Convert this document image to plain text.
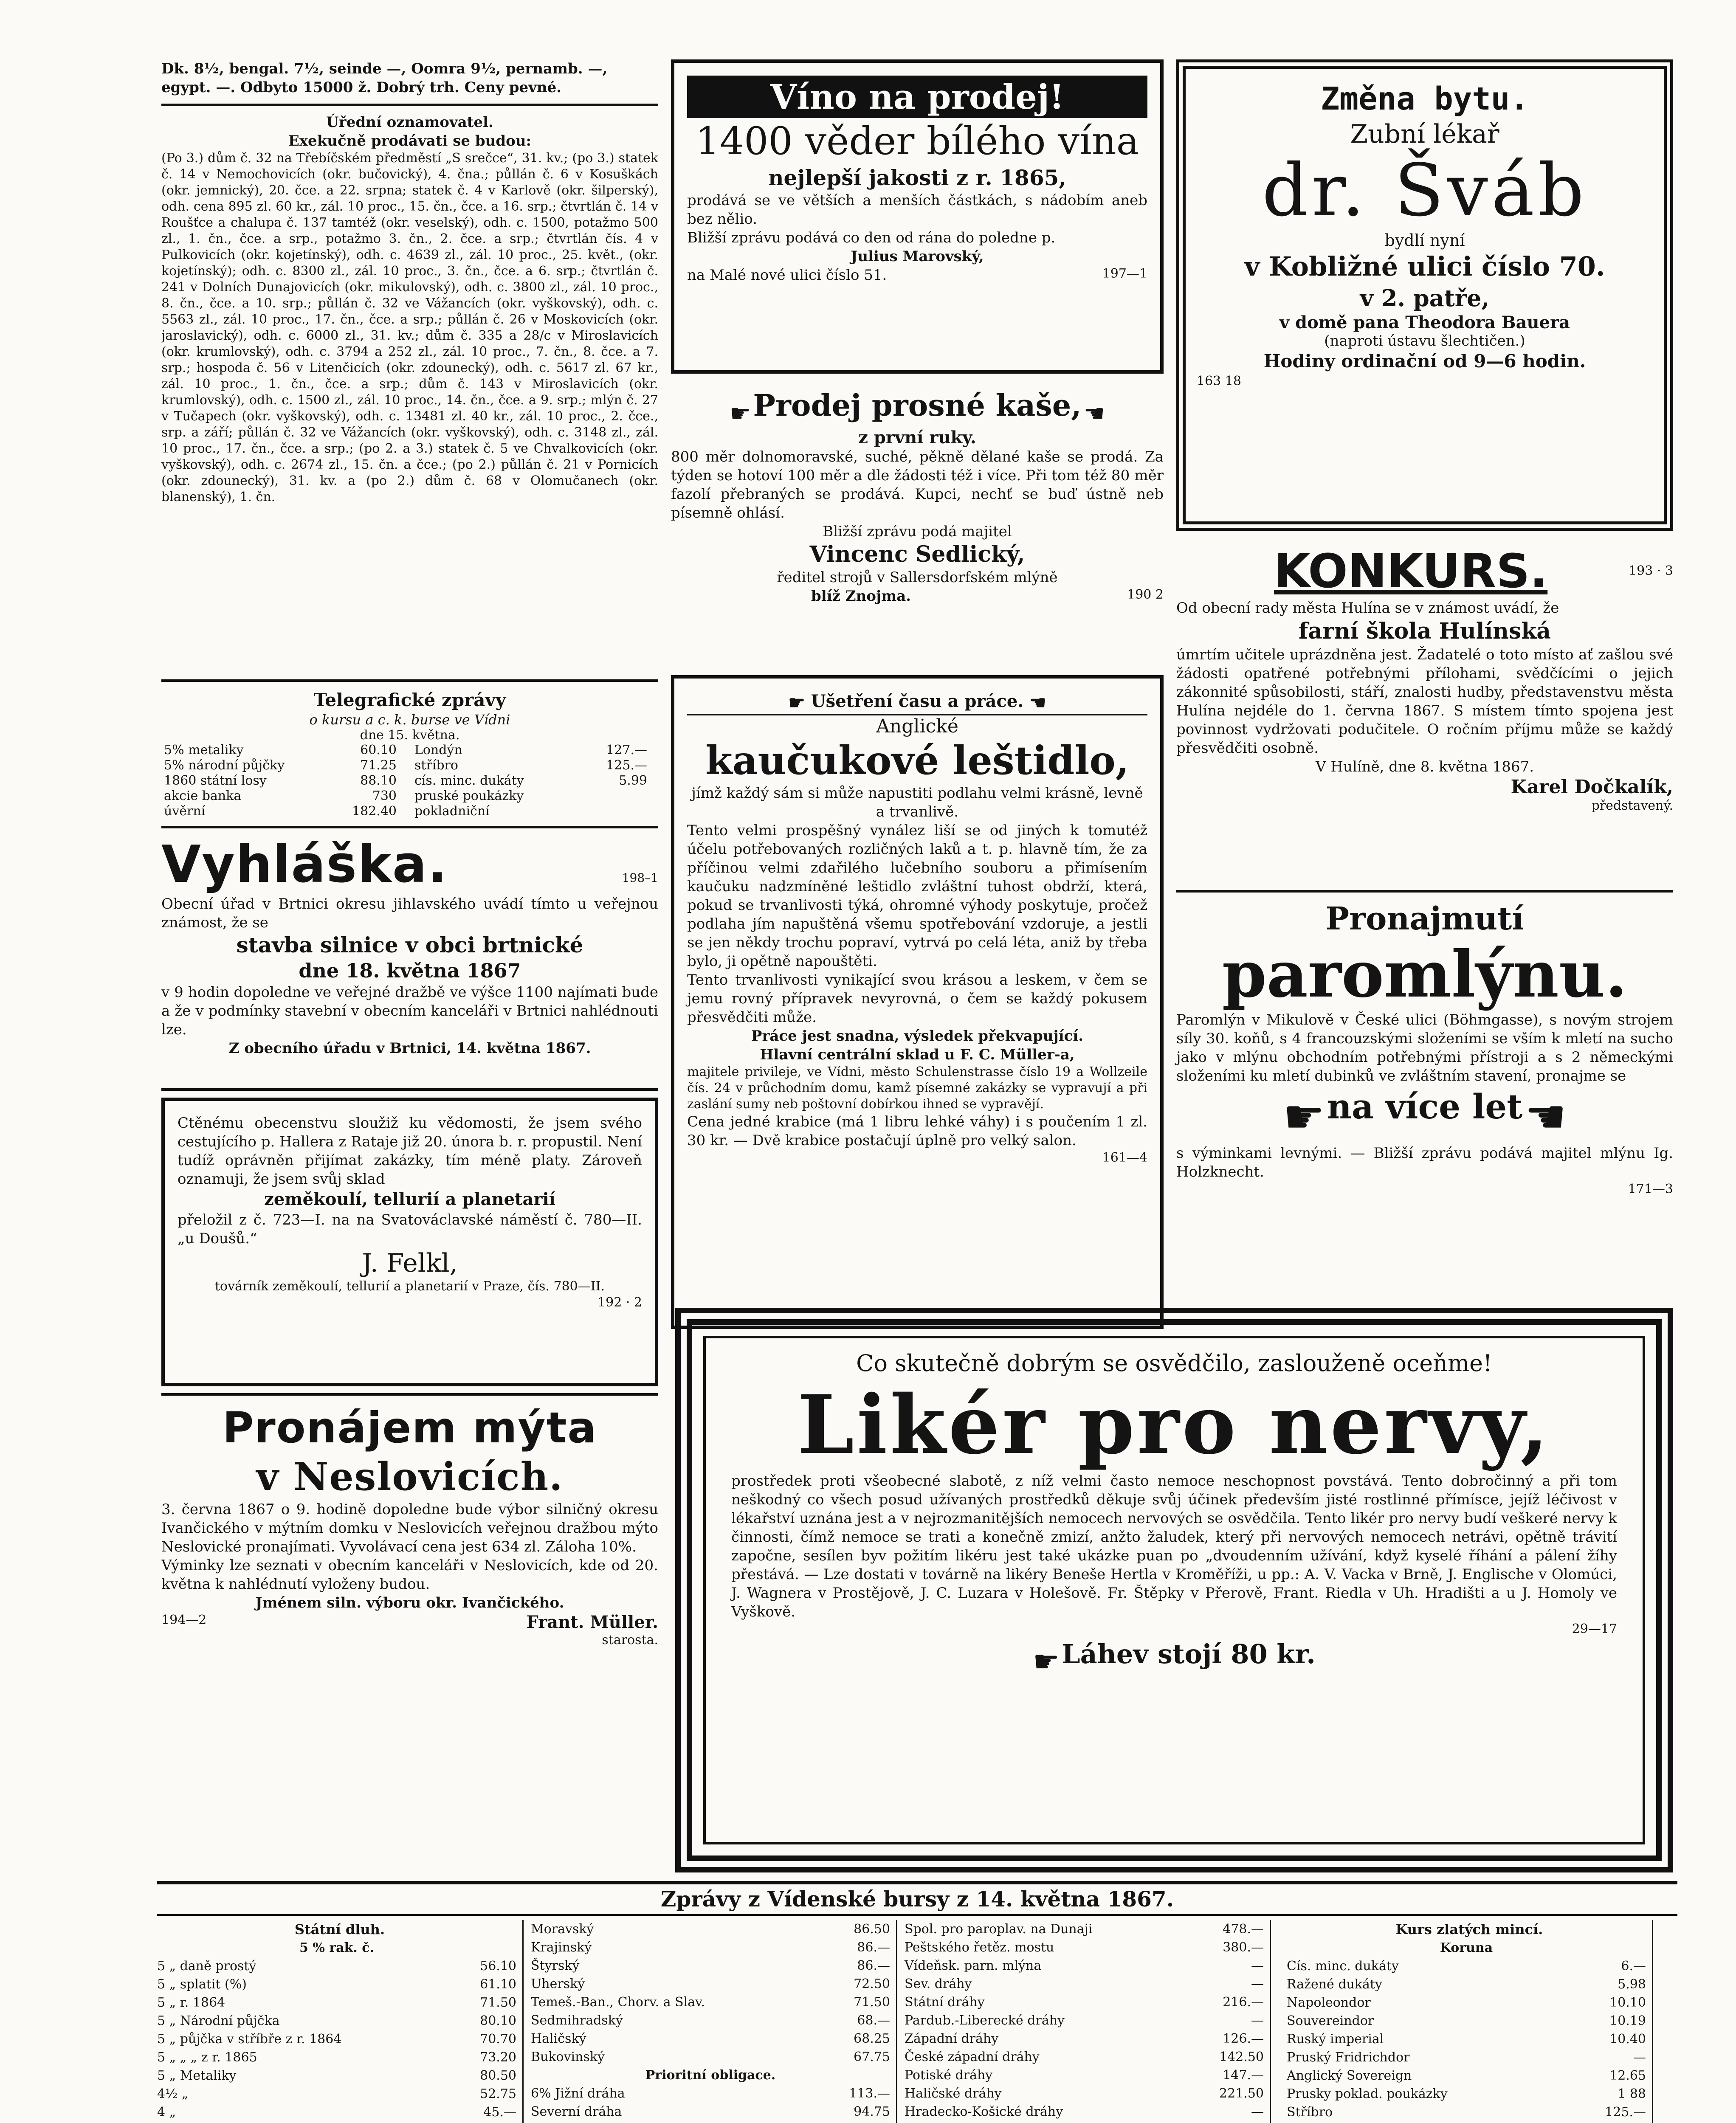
Dk. 8½, bengal. 7½, seinde —, Oomra 9½, pernamb. —,
egypt. —. Odbyto 15000 ž. Dobrý trh. Ceny pevné.
Úřední oznamovatel.
Exekučně prodávati se budou:
(Po 3.) dům č. 32 na Třebíčském předměstí „S srečce“, 31. kv.; (po 3.) statek č. 14 v Nemochovicích (okr. bučovický), 4. čna.; půllán č. 6 v Kosuškách (okr. jemnický), 20. čce. a 22. srpna; statek č. 4 v Karlově (okr. šilperský), odh. cena 895 zl. 60 kr., zál. 10 proc., 15. čn., čce. a 16. srp.; čtvrtlán č. 14 v Roušťce a chalupa č. 137 tamtéž (okr. veselský), odh. c. 1500, potažmo 500 zl., 1. čn., čce. a srp., potažmo 3. čn., 2. čce. a srp.; čtvrtlán čís. 4 v Pulkovicích (okr. kojetínský), odh. c. 4639 zl., zál. 10 proc., 25. květ., (okr. kojetínský); odh. c. 8300 zl., zál. 10 proc., 3. čn., čce. a 6. srp.; čtvrtlán č. 241 v Dolních Dunajovicích (okr. mikulovský), odh. c. 3800 zl., zál. 10 proc., 8. čn., čce. a 10. srp.; půllán č. 32 ve Vážancích (okr. vyškovský), odh. c. 5563 zl., zál. 10 proc., 17. čn., čce. a srp.; půllán č. 26 v Moskovicích (okr. jaroslavický), odh. c. 6000 zl., 31. kv.; dům č. 335 a 28/c v Miroslavicích (okr. krumlovský), odh. c. 3794 a 252 zl., zál. 10 proc., 7. čn., 8. čce. a 7. srp.; hospoda č. 56 v Litenčicích (okr. zdounecký), odh. c. 5617 zl. 67 kr., zál. 10 proc., 1. čn., čce. a srp.; dům č. 143 v Miroslavicích (okr. krumlovský), odh. c. 1500 zl., zál. 10 proc., 14. čn., čce. a 9. srp.; mlýn č. 27 v Tučapech (okr. vyškovský), odh. c. 13481 zl. 40 kr., zál. 10 proc., 2. čce., srp. a září; půllán č. 32 ve Vážancích (okr. vyškovský), odh. c. 3148 zl., zál. 10 proc., 17. čn., čce. a srp.; (po 2. a 3.) statek č. 5 ve Chvalkovicích (okr. vyškovský), odh. c. 2674 zl., 15. čn. a čce.; (po 2.) půllán č. 21 v Pornicích (okr. zdounecký), 31. kv. a (po 2.) dům č. 68 v Olomučanech (okr. blanenský), 1. čn.
Telegrafické zprávy
o kursu a c. k. burse ve Vídni
dne 15. května.
5% metaliky	60.10
5% národní půjčky	71.25
1860 státní losy	88.10
akcie banka	730
úvěrní	182.40
Londýn	127.—
stříbro	125.—
cís. minc. dukáty	5.99
pruské poukázky pokladniční	
Vyhláška.	198–1
Obecní úřad v Brtnici okresu jihlavského uvádí tímto u veřejnou známost, že se
stavba silnice v obci brtnické
dne 18. května 1867
v 9 hodin dopoledne ve veřejné dražbě ve výšce 1100 najímati bude a že v podmínky stavební v obecním kanceláři v Brtnici nahlédnouti lze.
Z obecního úřadu v Brtnici, 14. května 1867.
Ctěnému obecenstvu sloužiž ku vědomosti, že jsem svého cestujícího p. Hallera z Rataje již 20. února b. r. propustil. Není tudíž oprávněn přijímat zakázky, tím méně platy. Zároveň oznamuji, že jsem svůj sklad
zeměkoulí, tellurií a planetarií
přeložil z č. 723—I. na na Svatováclavské náměstí č. 780—II. „u Doušů.“
J. Felkl,
továrník zeměkoulí, tellurií a planetarií v Praze, čís. 780—II.
192 · 2
Pronájem mýta
v Neslovicích.
3. června 1867 o 9. hodině dopoledne bude výbor silničný okresu Ivančického v mýtním domku v Neslovicích veřejnou dražbou mýto Neslovické pronajímati. Vyvolávací cena jest 634 zl. Záloha 10%.
Výminky lze seznati v obecním kanceláři v Neslovicích, kde od 20. května k nahlédnutí vyloženy budou.
Jménem siln. výboru okr. Ivančického.
194—2	Frant. Müller.
starosta.
Víno na prodej!
1400 věder bílého vína
nejlepší jakosti z r. 1865,
prodává se ve větších a menších částkách, s nádobím aneb bez nělio.
Bližší zprávu podává co den od rána do poledne p.
Julius Marovský,
na Malé nové ulici číslo 51.	197—1
☛ Prodej prosné kaše, ☚
z první ruky.
800 měr dolnomoravské, suché, pěkně dělané kaše se prodá. Za týden se hotoví 100 měr a dle žádosti též i více. Při tom též 80 měr fazolí přebraných se prodává. Kupci, nechť se buď ústně neb písemně ohlásí.
Bližší zprávu podá majitel
Vincenc Sedlický,
ředitel strojů v Sallersdorfském mlýně
blíž Znojma.	190 2
☛ Ušetření času a práce. ☚
Anglické
kaučukové leštidlo,
jímž každý sám si může napustiti podlahu velmi krásně, levně a trvanlivě.
Tento velmi prospěšný vynález liší se od jiných k tomutéž účelu potřebovaných rozličných laků a t. p. hlavně tím, že za příčinou velmi zdařilého lučebního souboru a přimísením kaučuku nadzmíněné leštidlo zvláštní tuhost obdrží, která, pokud se trvanlivosti týká, ohromné výhody poskytuje, pročež podlaha jím napuštěná všemu spotřebování vzdoruje, a jestli se jen někdy trochu popraví, vytrvá po celá léta, aniž by třeba bylo, ji opětně napouštěti.
Tento trvanlivosti vynikající svou krásou a leskem, v čem se jemu rovný přípravek nevyrovná, o čem se každý pokusem přesvědčiti může.
Práce jest snadna, výsledek překvapující.
Hlavní centrální sklad u F. C. Müller-a,
majitele privileje, ve Vídni, město Schulenstrasse číslo 19 a Wollzeile čís. 24 v průchodním domu, kamž písemné zakázky se vypravují a při zaslání sumy neb poštovní dobírkou ihned se vypravějí.
Cena jedné krabice (má 1 libru lehké váhy) i s poučením 1 zl. 30 kr. — Dvě krabice postačují úplně pro velký salon.
161—4
Změna bytu.
Zubní lékař
dr. Šváb
bydlí nyní
v Kobližné ulici číslo 70.
v 2. patře,
v domě pana Theodora Bauera
(naproti ústavu šlechtičen.)
Hodiny ordinační od 9—6 hodin.
163 18
KONKURS.	193 · 3
Od obecní rady města Hulína se v známost uvádí, že
farní škola Hulínská
úmrtím učitele uprázdněna jest. Žadatelé o toto místo ať zašlou své žádosti opatřené potřebnými přílohami, svědčícími o jejich zákonnité spůsobilosti, stáří, znalosti hudby, představenstvu města Hulína nejdéle do 1. června 1867. S místem tímto spojena jest povinnost vydržovati podučitele. O ročním příjmu může se každý přesvědčiti osobně.
V Hulíně, dne 8. května 1867.
Karel Dočkalík,
představený.
Pronajmutí
paromlýnu.
Paromlýn v Mikulově v České ulici (Böhmgasse), s novým strojem síly 30. koňů, s 4 francouzskými složeními se vším k mletí na sucho jako v mlýnu obchodním potřebnými přístroji a s 2 německými složeními ku mletí dubinků ve zvláštním stavení, pronajme se
☛ na více let ☚
s výminkami levnými. — Bližší zprávu podává majitel mlýnu Ig. Holzknecht.
171—3
Co skutečně dobrým se osvědčilo, zaslouženě oceňme!
Likér pro nervy,
prostředek proti všeobecné slabotě, z níž velmi často nemoce neschopnost povstává. Tento dobročinný a při tom neškodný co všech posud užívaných prostředků děkuje svůj účinek především jisté rostlinné přímísce, jejíž léčivost v lékařství uznána jest a v nejrozmanitějších nemocech nervových se osvědčila. Tento likér pro nervy budí veškeré nervy k činnosti, čímž nemoce se trati a konečně zmizí, anžto žaludek, který při nervových nemocech netrávi, opětně trávití započne, sesílen byv požitím likéru jest také ukázke puan po „dvoudenním užívání, když kyselé říhání a pálení žíhy přestává. — Lze dostati v továrně na likéry Beneše Hertla v Kroměříži, u pp.: A. V. Vacka v Brně, J. Englische v Olomúci, J. Wagnera v Prostějově, J. C. Luzara v Holešově. Fr. Štěpky v Přerově, Frant. Riedla v Uh. Hradišti a u J. Homoly ve Vyškově.
29—17
☛ Láhev stojí 80 kr.
Zprávy z Vídenské bursy z 14. května 1867.
Státní dluh.
5 % rak. č.
5 „ daně prostý	56.10
5 „ splatit (%)	61.10
5 „ r. 1864	71.50
5 „ Národní půjčka	80.10
5 „ půjčka v stříbře z r. 1864	70.70
5 „ „ „ z r. 1865	73.20
5 „ Metaliky	80.50
4½ „	52.75
4 „	45.—
Moravský	86.50
Krajinský	86.—
Štyrský	86.—
Uherský	72.50
Temeš.-Ban., Chorv. a Slav.	71.50
Sedmihradský	68.—
Haličský	68.25
Bukovinský	67.75
Prioritní obligace.
6% Jižní dráha	113.—
Severní dráha	94.75
Spol. pro paroplav. na Dunaji	478.—
Peštského řetěz. mostu	380.—
Vídeňsk. parn. mlýna	—
Sev. dráhy	—
Státní dráhy	216.—
Pardub.-Liberecké dráhy	—
Západní dráhy	126.—
České západní dráhy	142.50
Potiské dráhy	147.—
Haličské dráhy	221.50
Hradecko-Košické dráhy	—
Kurs zlatých mincí.
Koruna
Cís. minc. dukáty	6.—
Ražené dukáty	5.98
Napoleondor	10.10
Souvereindor	10.19
Ruský imperial	10.40
Pruský Fridrichdor	—
Anglický Sovereign	12.65
Prusky poklad. poukázky	1 88
Stříbro	125.—
